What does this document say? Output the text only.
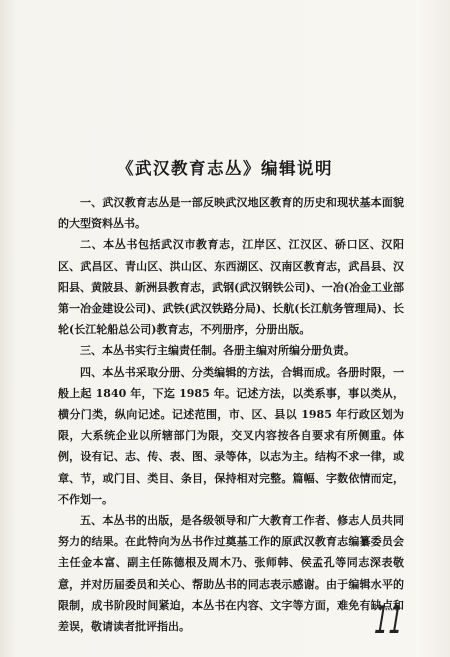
《武汉教育志丛》编辑说明

一、武汉教育志丛是一部反映武汉地区教育的历史和现状基本面貌的大型资料丛书。

二、本丛书包括武汉市教育志，江岸区、江汉区、硚口区、汉阳区、武昌区、青山区、洪山区、东西湖区、汉南区教育志，武昌县、汉阳县、黄陂县、新洲县教育志，武钢(武汉钢铁公司)、一冶(冶金工业部第一冶金建设公司)、武铁(武汉铁路分局)、长航(长江航务管理局)、长轮(长江轮船总公司)教育志，不列册序，分册出版。

三、本丛书实行主编责任制。各册主编对所编分册负责。

四、本丛书采取分册、分类编辑的方法，合辑而成。各册时限，一般上起 1840 年，下迄 1985 年。记述方法，以类系事，事以类从，横分门类，纵向记述。记述范围，市、区、县以 1985 年行政区划为限，大系统企业以所辖部门为限，交叉内容按各自要求有所侧重。体例，设有记、志、传、表、图、录等体，以志为主。结构不求一律，或章、节，或门目、类目、条目，保持相对完整。篇幅、字数依情而定，不作划一。

五、本丛书的出版，是各级领导和广大教育工作者、修志人员共同努力的结果。在此特向为丛书作过奠基工作的原武汉教育志编纂委员会主任金本富、副主任陈德根及周木乃、张师韩、侯孟孔等同志深表敬意，并对历届委员和关心、帮助丛书的同志表示感谢。由于编辑水平的限制，成书阶段时间紧迫，本丛书在内容、文字等方面，难免有缺点和差误，敬请读者批评指出。	11
